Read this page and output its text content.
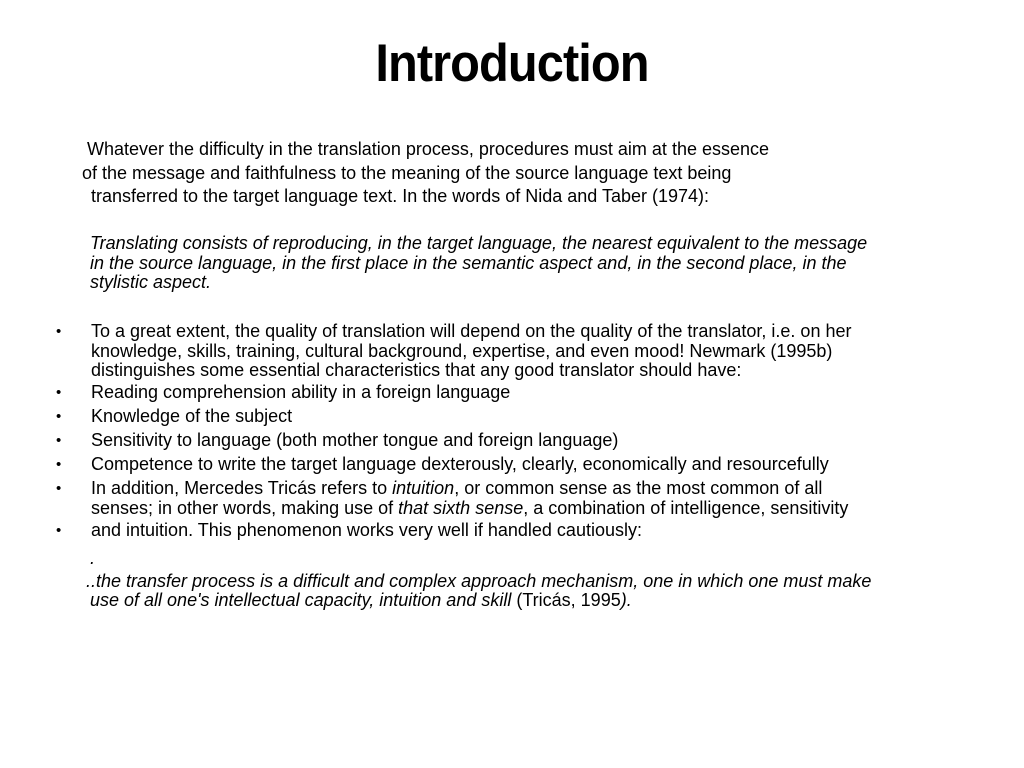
Introduction
Whatever the difficulty in the translation process, procedures must aim at the essence
of the message and faithfulness to the meaning of the source language text being
transferred to the target language text. In the words of Nida and Taber (1974):
Translating consists of reproducing, in the target language, the nearest equivalent to the message
in the source language, in the first place in the semantic aspect and, in the second place, in the
stylistic aspect.
• To a great extent, the quality of translation will depend on the quality of the translator, i.e. on her
knowledge, skills, training, cultural background, expertise, and even mood! Newmark (1995b)
distinguishes some essential characteristics that any good translator should have:
• Reading comprehension ability in a foreign language
• Knowledge of the subject
• Sensitivity to language (both mother tongue and foreign language)
• Competence to write the target language dexterously, clearly, economically and resourcefully
• In addition, Mercedes Tricás refers to intuition, or common sense as the most common of all
senses; in other words, making use of that sixth sense, a combination of intelligence, sensitivity
• and intuition. This phenomenon works very well if handled cautiously:
.
..the transfer process is a difficult and complex approach mechanism, one in which one must make
use of all one's intellectual capacity, intuition and skill (Tricás, 1995).
